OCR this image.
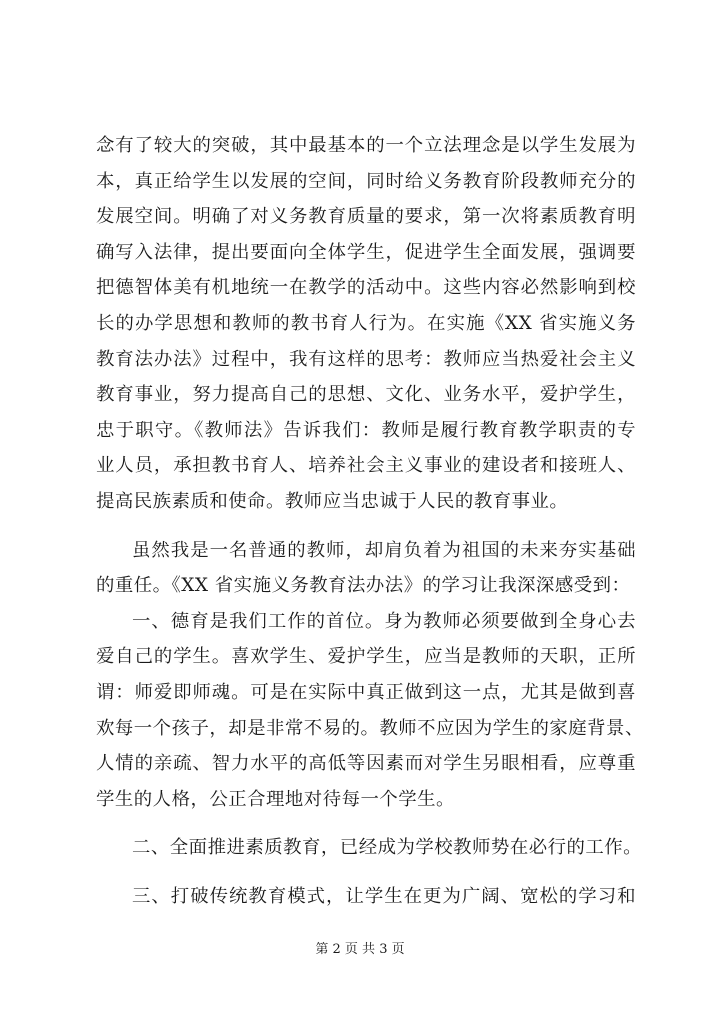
念有了较大的突破，其中最基本的一个立法理念是以学生发展为
本，真正给学生以发展的空间，同时给义务教育阶段教师充分的
发展空间。明确了对义务教育质量的要求，第一次将素质教育明
确写入法律，提出要面向全体学生，促进学生全面发展，强调要
把德智体美有机地统一在教学的活动中。这些内容必然影响到校
长的办学思想和教师的教书育人行为。在实施《XX 省实施义务
教育法办法》过程中，我有这样的思考：教师应当热爱社会主义
教育事业，努力提高自己的思想、文化、业务水平，爱护学生，
忠于职守。《教师法》告诉我们：教师是履行教育教学职责的专
业人员，承担教书育人、培养社会主义事业的建设者和接班人、
提高民族素质和使命。教师应当忠诚于人民的教育事业。
虽然我是一名普通的教师，却肩负着为祖国的未来夯实基础
的重任。《XX 省实施义务教育法办法》的学习让我深深感受到：
一、德育是我们工作的首位。身为教师必须要做到全身心去
爱自己的学生。喜欢学生、爱护学生，应当是教师的天职，正所
谓：师爱即师魂。可是在实际中真正做到这一点，尤其是做到喜
欢每一个孩子，却是非常不易的。教师不应因为学生的家庭背景、
人情的亲疏、智力水平的高低等因素而对学生另眼相看，应尊重
学生的人格，公正合理地对待每一个学生。
二、全面推进素质教育，已经成为学校教师势在必行的工作。
三、打破传统教育模式，让学生在更为广阔、宽松的学习和
第 2 页 共 3 页
